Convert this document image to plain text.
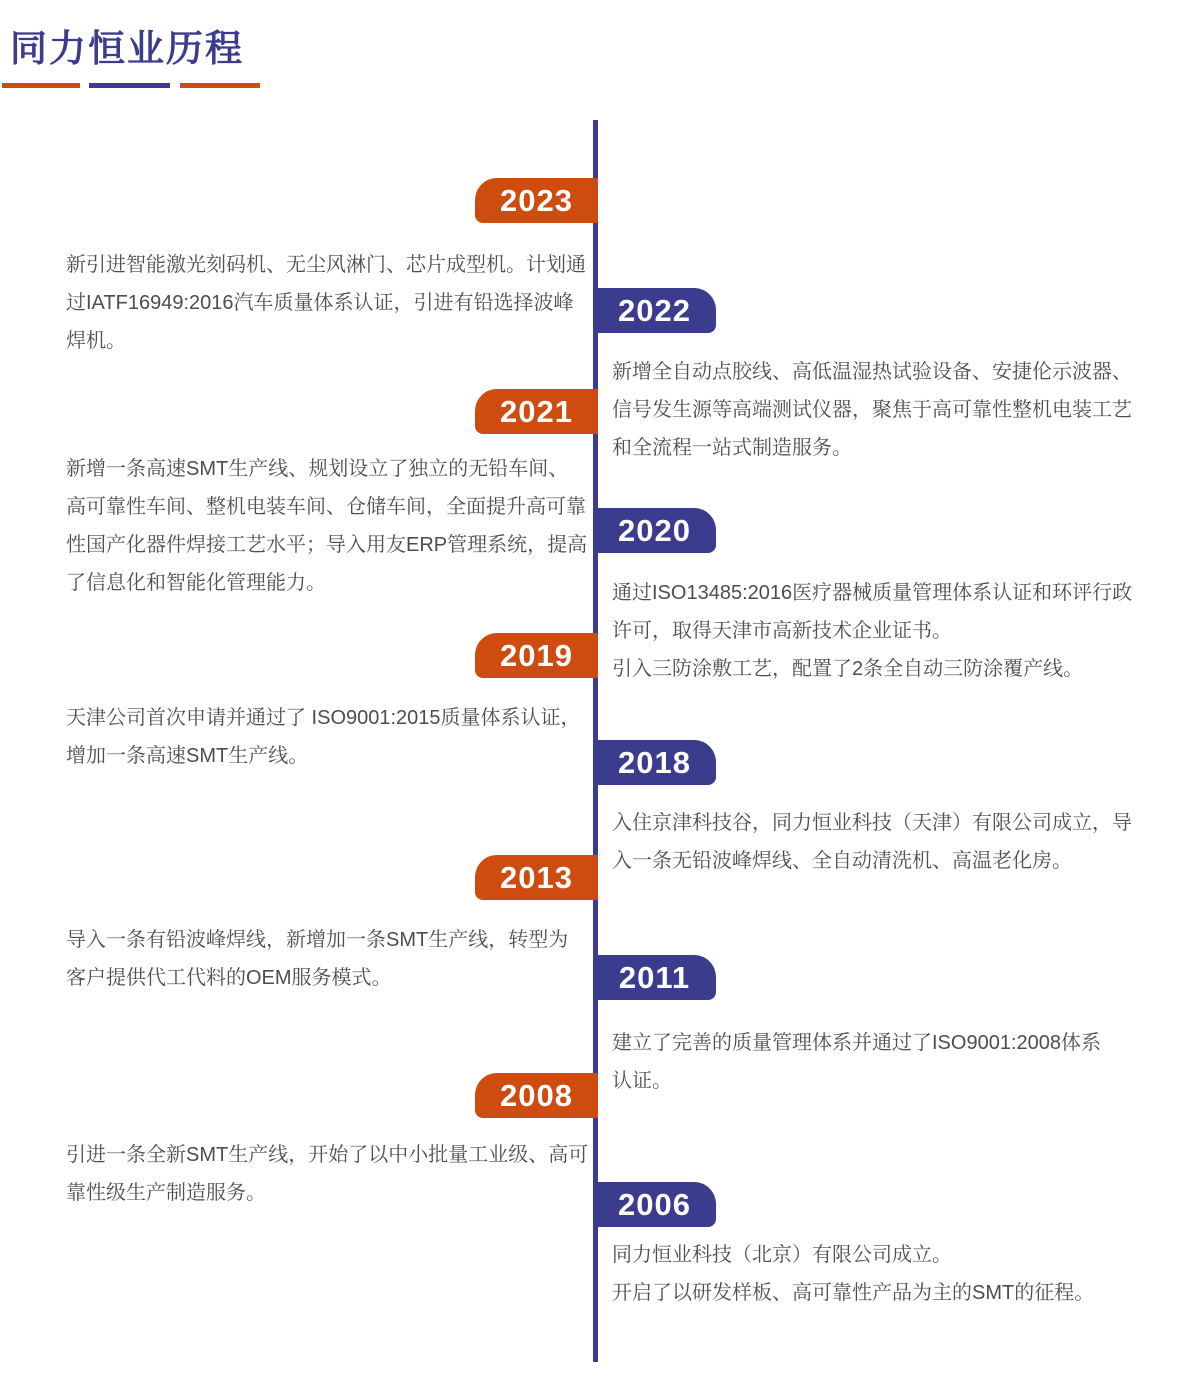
同力恒业历程
2023
新引进智能激光刻码机、无尘风淋门、芯片成型机。计划通
过IATF16949:2016汽车质量体系认证，引进有铅选择波峰
焊机。
2022
新增全自动点胶线、高低温湿热试验设备、安捷伦示波器、
信号发生源等高端测试仪器，聚焦于高可靠性整机电装工艺
和全流程一站式制造服务。
2021
新增一条高速SMT生产线、规划设立了独立的无铅车间、
高可靠性车间、整机电装车间、仓储车间，全面提升高可靠
性国产化器件焊接工艺水平；导入用友ERP管理系统，提高
了信息化和智能化管理能力。
2020
通过ISO13485:2016医疗器械质量管理体系认证和环评行政
许可，取得天津市高新技术企业证书。
引入三防涂敷工艺，配置了2条全自动三防涂覆产线。
2019
天津公司首次申请并通过了 ISO9001:2015质量体系认证，
增加一条高速SMT生产线。	2018
入住京津科技谷，同力恒业科技（天津）有限公司成立，导
入一条无铅波峰焊线、全自动清洗机、高温老化房。
2013
导入一条有铅波峰焊线，新增加一条SMT生产线，转型为
客户提供代工代料的OEM服务模式。	2011
建立了完善的质量管理体系并通过了ISO9001:2008体系
认证。
2008
引进一条全新SMT生产线，开始了以中小批量工业级、高可
靠性级生产制造服务。	2006
同力恒业科技（北京）有限公司成立。
开启了以研发样板、高可靠性产品为主的SMT的征程。
